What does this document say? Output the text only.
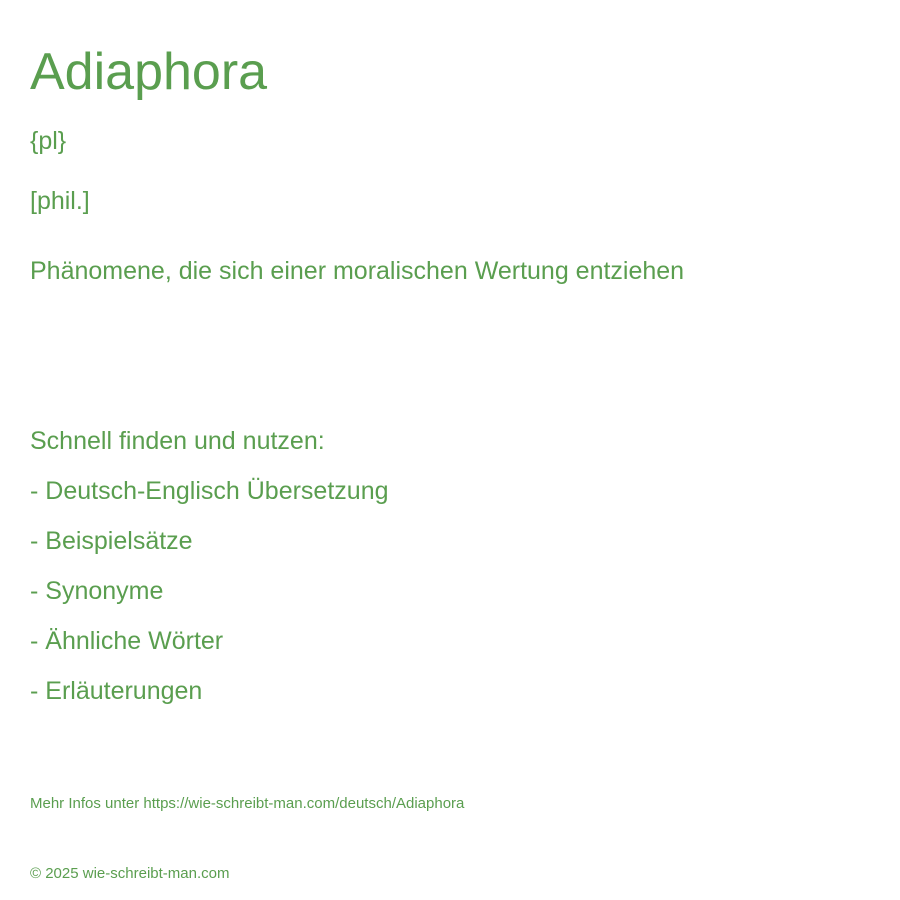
Adiaphora
{pl}
[phil.]
Phänomene, die sich einer moralischen Wertung entziehen
Schnell finden und nutzen:
- Deutsch-Englisch Übersetzung
- Beispielsätze
- Synonyme
- Ähnliche Wörter
- Erläuterungen
Mehr Infos unter https://wie-schreibt-man.com/deutsch/Adiaphora
© 2025 wie-schreibt-man.com
